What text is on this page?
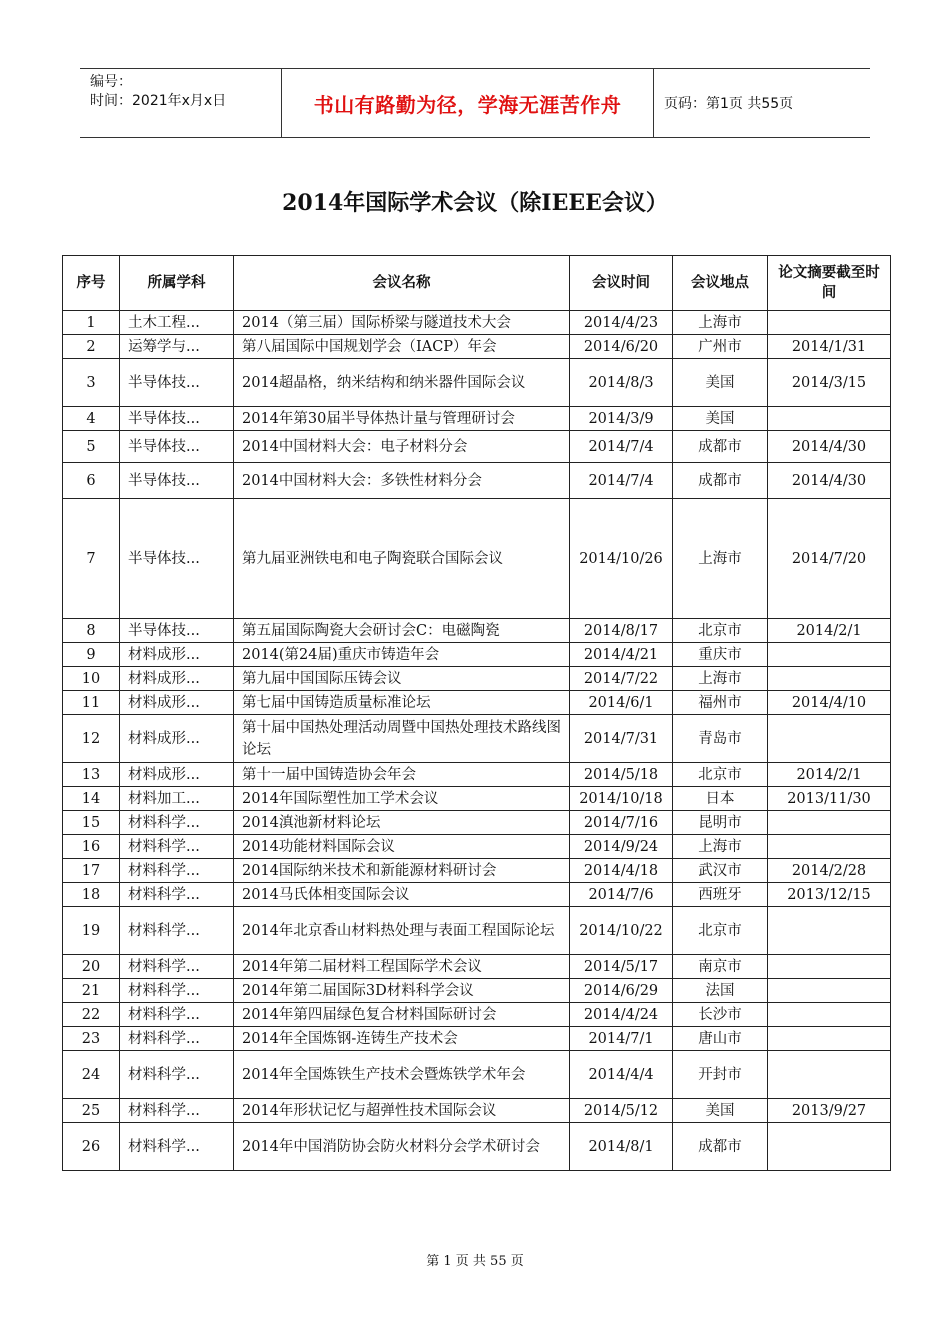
编号：
时间：2021年x月x日	书山有路勤为径，学海无涯苦作舟	页码：第1页 共55页
2014年国际学术会议（除IEEE会议）
序号	所属学科	会议名称	会议时间	会议地点	论文摘要截至时间
1	土木工程...	2014（第三届）国际桥梁与隧道技术大会	2014/4/23	上海市	
2	运筹学与...	第八届国际中国规划学会（IACP）年会	2014/6/20	广州市	2014/1/31
3	半导体技...	2014超晶格，纳米结构和纳米器件国际会议	2014/8/3	美国	2014/3/15
4	半导体技...	2014年第30届半导体热计量与管理研讨会	2014/3/9	美国	
5	半导体技...	2014中国材料大会：电子材料分会	2014/7/4	成都市	2014/4/30
6	半导体技...	2014中国材料大会：多铁性材料分会	2014/7/4	成都市	2014/4/30
7	半导体技...	第九届亚洲铁电和电子陶瓷联合国际会议	2014/10/26	上海市	2014/7/20
8	半导体技...	第五届国际陶瓷大会研讨会C：电磁陶瓷	2014/8/17	北京市	2014/2/1
9	材料成形...	2014(第24届)重庆市铸造年会	2014/4/21	重庆市	
10	材料成形...	第九届中国国际压铸会议	2014/7/22	上海市	
11	材料成形...	第七届中国铸造质量标准论坛	2014/6/1	福州市	2014/4/10
12	材料成形...	第十届中国热处理活动周暨中国热处理技术路线图论坛	2014/7/31	青岛市	
13	材料成形...	第十一届中国铸造协会年会	2014/5/18	北京市	2014/2/1
14	材料加工...	2014年国际塑性加工学术会议	2014/10/18	日本	2013/11/30
15	材料科学...	2014滇池新材料论坛	2014/7/16	昆明市	
16	材料科学...	2014功能材料国际会议	2014/9/24	上海市	
17	材料科学...	2014国际纳米技术和新能源材料研讨会	2014/4/18	武汉市	2014/2/28
18	材料科学...	2014马氏体相变国际会议	2014/7/6	西班牙	2013/12/15
19	材料科学...	2014年北京香山材料热处理与表面工程国际论坛	2014/10/22	北京市	
20	材料科学...	2014年第二届材料工程国际学术会议	2014/5/17	南京市	
21	材料科学...	2014年第二届国际3D材料科学会议	2014/6/29	法国	
22	材料科学...	2014年第四届绿色复合材料国际研讨会	2014/4/24	长沙市	
23	材料科学...	2014年全国炼钢-连铸生产技术会	2014/7/1	唐山市	
24	材料科学...	2014年全国炼铁生产技术会暨炼铁学术年会	2014/4/4	开封市	
25	材料科学...	2014年形状记忆与超弹性技术国际会议	2014/5/12	美国	2013/9/27
26	材料科学...	2014年中国消防协会防火材料分会学术研讨会	2014/8/1	成都市	
第 1 页 共 55 页
